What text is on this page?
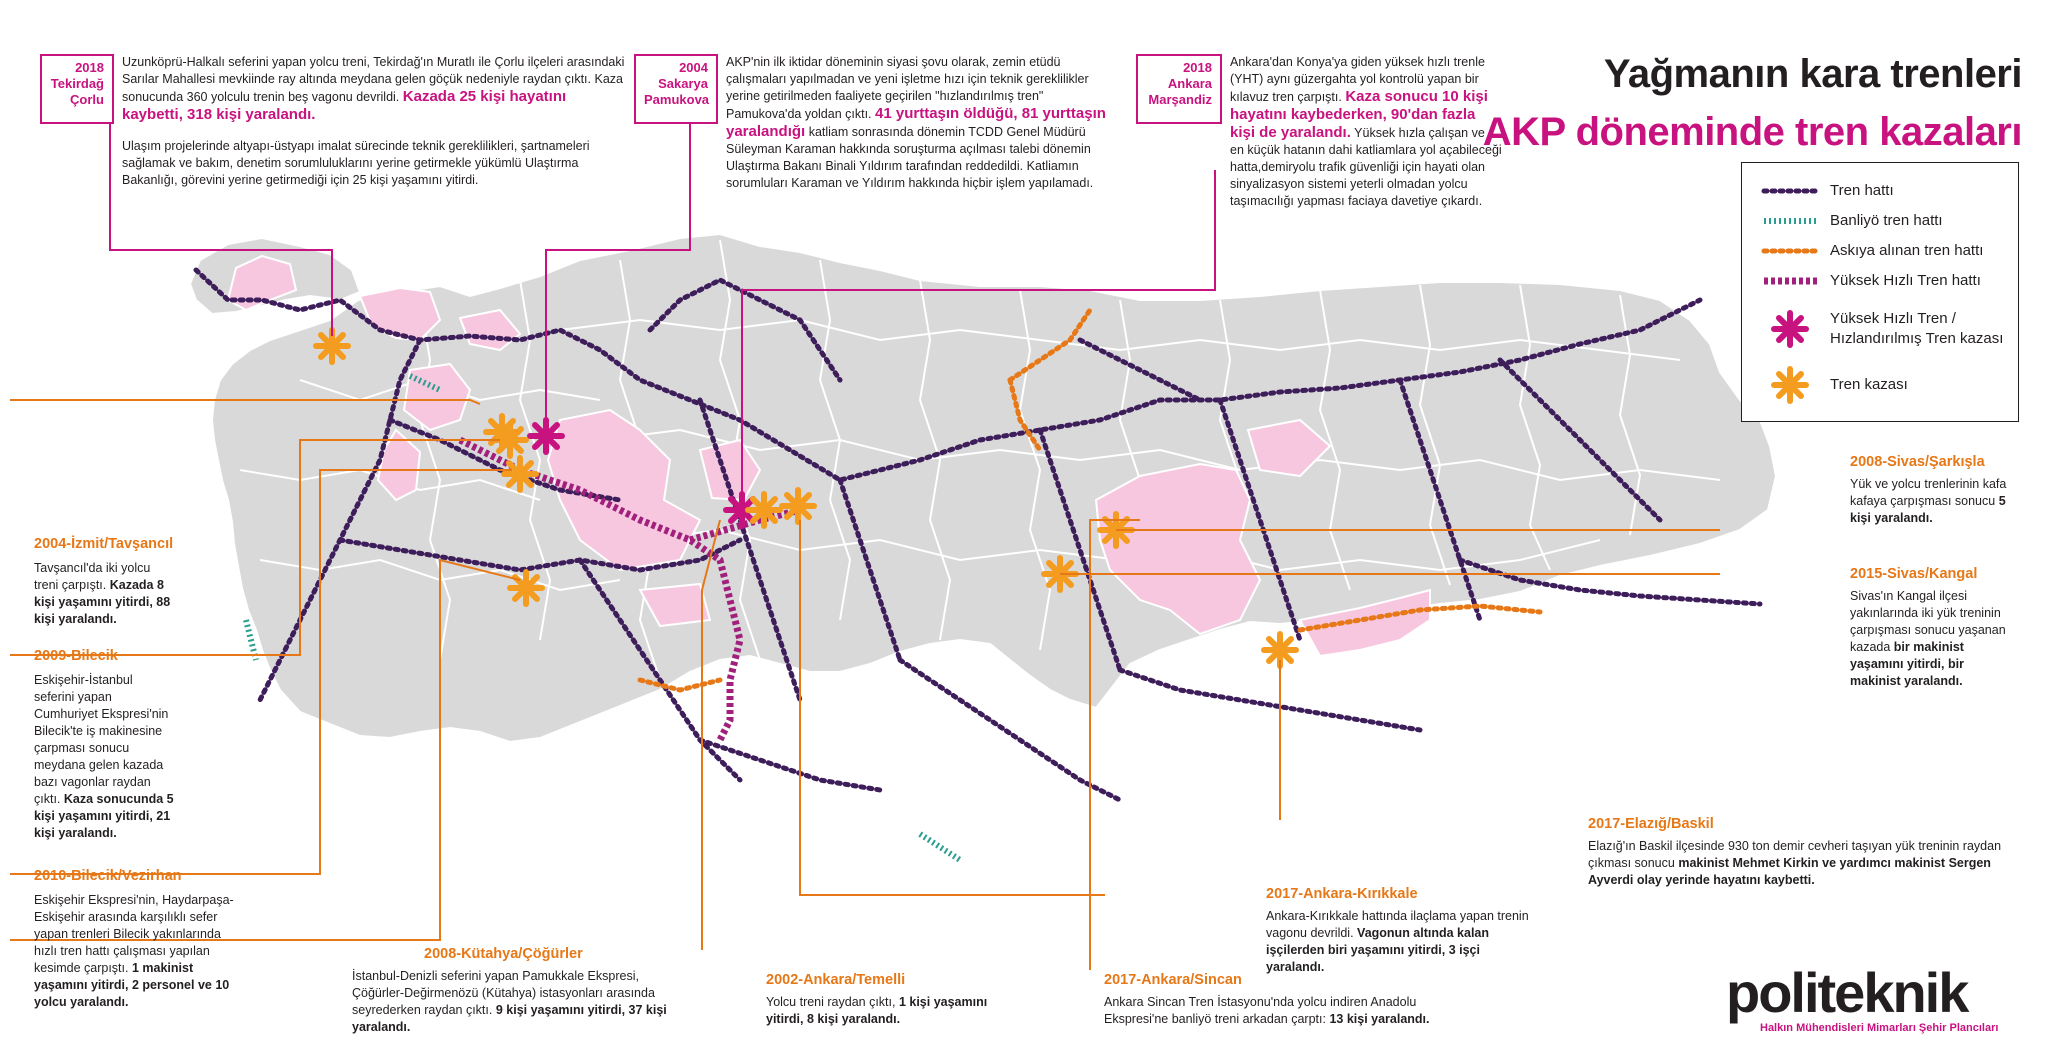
Yağmanın kara trenleri
AKP döneminde tren kazaları
2018
Tekirdağ
Çorlu
Uzunköprü-Halkalı seferini yapan yolcu treni, Tekirdağ'ın Muratlı ile Çorlu ilçeleri arasındaki Sarılar Mahallesi mevkiinde ray altında meydana gelen göçük nedeniyle raydan çıktı. Kaza sonucunda 360 yolculu trenin beş vagonu devrildi. Kazada 25 kişi hayatını kaybetti, 318 kişi yaralandı.
Ulaşım projelerinde altyapı-üstyapı imalat sürecinde teknik gereklilikleri, şartnameleri sağlamak ve bakım, denetim sorumluluklarını yerine getirmekle yükümlü Ulaştırma Bakanlığı, görevini yerine getirmediği için 25 kişi yaşamını yitirdi.
2004
Sakarya
Pamukova
AKP'nin ilk iktidar döneminin siyasi şovu olarak, zemin etüdü çalışmaları yapılmadan ve yeni işletme hızı için teknik gereklilikler yerine getirilmeden faaliyete geçirilen "hızlandırılmış tren" Pamukova'da yoldan çıktı. 41 yurttaşın öldüğü, 81 yurttaşın yaralandığı katliam sonrasında dönemin TCDD Genel Müdürü Süleyman Karaman hakkında soruşturma açılması talebi dönemin Ulaştırma Bakanı Binali Yıldırım tarafından reddedildi. Katliamın sorumluları Karaman ve Yıldırım hakkında hiçbir işlem yapılamadı.
2018
Ankara
Marşandiz
Ankara'dan Konya'ya giden yüksek hızlı trenle (YHT) aynı güzergahta yol kontrolü yapan bir kılavuz tren çarpıştı. Kaza sonucu 10 kişi hayatını kaybederken, 90'dan fazla kişi de yaralandı. Yüksek hızla çalışan ve en küçük hatanın dahi katliamlara yol açabileceği hatta,demiryolu trafik güvenliği için hayati olan sinyalizasyon sistemi yeterli olmadan yolcu taşımacılığı yapması faciaya davetiye çıkardı.
Tren hattı
Banliyö tren hattı
Askıya alınan tren hattı
Yüksek Hızlı Tren hattı
Yüksek Hızlı Tren /
Hızlandırılmış Tren kazası
Tren kazası
2004-İzmit/Tavşancıl
Tavşancıl'da iki yolcu treni çarpıştı. Kazada 8 kişi yaşamını yitirdi, 88 kişi yaralandı.
2009-Bilecik
Eskişehir-İstanbul seferini yapan Cumhuriyet Ekspresi'nin Bilecik'te iş makinesine çarpması sonucu meydana gelen kazada bazı vagonlar raydan çıktı. Kaza sonucunda 5 kişi yaşamını yitirdi, 21 kişi yaralandı.
2010-Bilecik/Vezirhan
Eskişehir Ekspresi'nin, Haydarpaşa- Eskişehir arasında karşılıklı sefer yapan trenleri Bilecik yakınlarında hızlı tren hattı çalışması yapılan kesimde çarpıştı. 1 makinist yaşamını yitirdi, 2 personel ve 10 yolcu yaralandı.
2008-Kütahya/Çöğürler
İstanbul-Denizli seferini yapan Pamukkale Ekspresi, Çöğürler-Değirmenözü (Kütahya) istasyonları arasında seyrederken raydan çıktı. 9 kişi yaşamını yitirdi, 37 kişi yaralandı.
2002-Ankara/Temelli
Yolcu treni raydan çıktı, 1 kişi yaşamını yitirdi, 8 kişi yaralandı.
2017-Ankara/Sincan
Ankara Sincan Tren İstasyonu'nda yolcu indiren Anadolu Ekspresi'ne banliyö treni arkadan çarptı: 13 kişi yaralandı.
2017-Ankara-Kırıkkale
Ankara-Kırıkkale hattında ilaçlama yapan trenin vagonu devrildi. Vagonun altında kalan işçilerden biri yaşamını yitirdi, 3 işçi yaralandı.
2008-Sivas/Şarkışla
Yük ve yolcu trenlerinin kafa kafaya çarpışması sonucu 5 kişi yaralandı.
2015-Sivas/Kangal
Sivas'ın Kangal ilçesi yakınlarında iki yük treninin çarpışması sonucu yaşanan kazada bir makinist yaşamını yitirdi, bir makinist yaralandı.
2017-Elazığ/Baskil
Elazığ'ın Baskil ilçesinde 930 ton demir cevheri taşıyan yük treninin raydan çıkması sonucu makinist Mehmet Kirkin ve yardımcı makinist Sergen Ayverdi olay yerinde hayatını kaybetti.
politeknik
Halkın Mühendisleri Mimarları Şehir Plancıları
